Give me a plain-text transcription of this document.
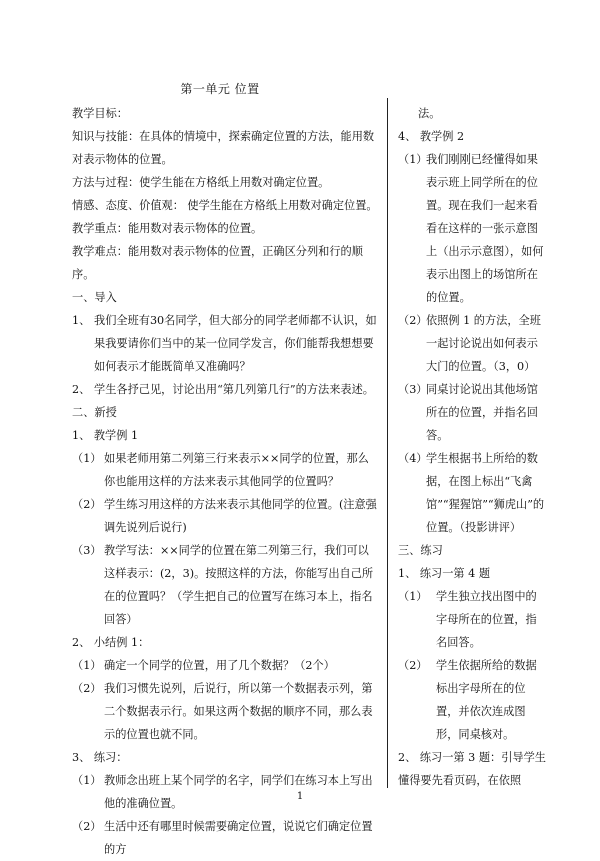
第一单元 位置

教学目标：

知识与技能：在具体的情境中，探索确定位置的方法，能用数对表示物体的位置。

方法与过程：使学生能在方格纸上用数对确定位置。

情感、态度、价值观： 使学生能在方格纸上用数对确定位置。

教学重点：能用数对表示物体的位置。

教学难点：能用数对表示物体的位置，正确区分列和行的顺序。

一、导入

1、 我们全班有30名同学，但大部分的同学老师都不认识，如果我要请你们当中的某一位同学发言，你们能帮我想想要如何表示才能既简单又准确吗？
2、 学生各抒己见，讨论出用“第几列第几行”的方法来表述。

二、新授

1、 教学例 1

（1） 如果老师用第二列第三行来表示××同学的位置，那么你也能用这样的方法来表示其他同学的位置吗？
（2） 学生练习用这样的方法来表示其他同学的位置。(注意强调先说列后说行)
（3） 教学写法：××同学的位置在第二列第三行，我们可以这样表示：(2，3)。按照这样的方法，你能写出自己所在的位置吗？（学生把自己的位置写在练习本上，指名回答）

2、 小结例 1：

（1） 确定一个同学的位置，用了几个数据？（2个）
（2） 我们习惯先说列，后说行，所以第一个数据表示列，第二个数据表示行。如果这两个数据的顺序不同，那么表示的位置也就不同。

3、 练习：

（1） 教师念出班上某个同学的名字，同学们在练习本上写出他的准确位置。
（2） 生活中还有哪里时候需要确定位置，说说它们确定位置的方

法。

4、 教学例 2

（1）
我们刚刚已经懂得如果表示班上同学所在的位置。现在我们一起来看看在这样的一张示意图上（出示示意图），如何表示出图上的场馆所在的位置。
（2）
依照例 1 的方法，全班一起讨论说出如何表示大门的位置。（3，0）
（3）
同桌讨论说出其他场馆所在的位置，并指名回答。
（4）
学生根据书上所给的数据，在图上标出“飞禽馆”“猩猩馆”“狮虎山”的位置。（投影讲评）

三、练习

1、 练习一第 4 题

（1） 学生独立找出图中的字母所在的位置，指名回答。
（2） 学生依据所给的数据标出字母所在的位置，并依次连成图形，同桌核对。

2、 练习一第 3 题：引导学生懂得要先看页码，在依照

1
